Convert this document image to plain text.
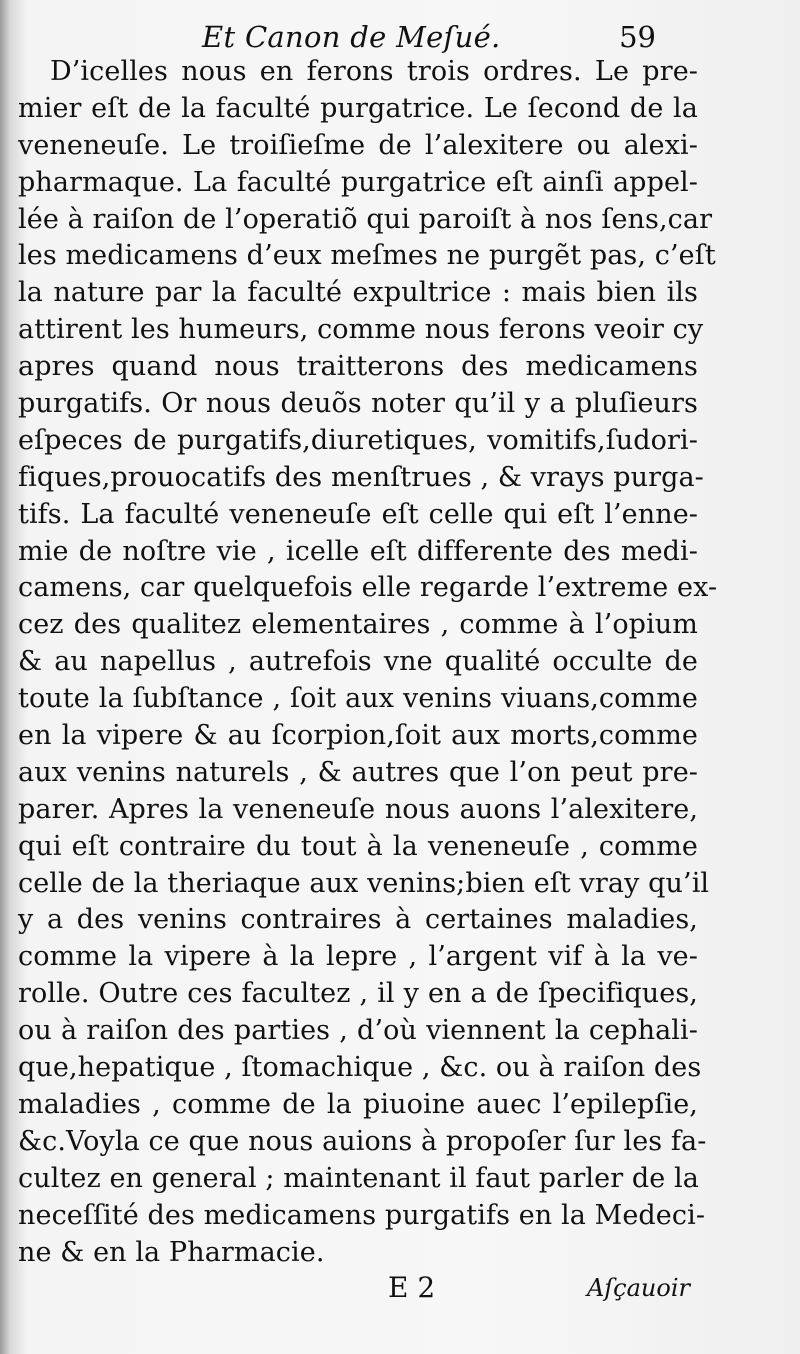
Et Canon de Meſué.	59
D’icelles nous en ferons trois ordres. Le pre-
mier eſt de la faculté purgatrice. Le ſecond de la
veneneuſe. Le troiſieſme de l’alexitere ou alexi-
pharmaque. La faculté purgatrice eſt ainſi appel-
lée à raiſon de l’operatiõ qui paroiſt à nos ſens,car
les medicamens d’eux meſmes ne purgẽt pas, c’eſt
la nature par la faculté expultrice : mais bien ils
attirent les humeurs, comme nous ferons veoir cy
apres quand nous traitterons des medicamens
purgatifs. Or nous deuõs noter qu’il y a pluſieurs
eſpeces de purgatifs,diuretiques, vomitifs,ſudori-
fiques,prouocatifs des menſtrues , & vrays purga-
tifs. La faculté veneneuſe eſt celle qui eſt l’enne-
mie de noſtre vie , icelle eſt differente des medi-
camens, car quelquefois elle regarde l’extreme ex-
cez des qualitez elementaires , comme à l’opium
& au napellus , autrefois vne qualité occulte de
toute la ſubſtance , ſoit aux venins viuans,comme
en la vipere & au ſcorpion,ſoit aux morts,comme
aux venins naturels , & autres que l’on peut pre-
parer. Apres la veneneuſe nous auons l’alexitere,
qui eſt contraire du tout à la veneneuſe , comme
celle de la theriaque aux venins;bien eſt vray qu’il
y a des venins contraires à certaines maladies,
comme la vipere à la lepre , l’argent vif à la ve-
rolle. Outre ces facultez , il y en a de ſpecifiques,
ou à raiſon des parties , d’où viennent la cephali-
que,hepatique , ſtomachique , &c. ou à raiſon des
maladies , comme de la piuoine auec l’epilepſie,
&c.Voyla ce que nous auions à propoſer ſur les fa-
cultez en general ; maintenant il faut parler de la
neceſſité des medicamens purgatifs en la Medeci-
ne & en la Pharmacie.
E 2	Aſçauoir
